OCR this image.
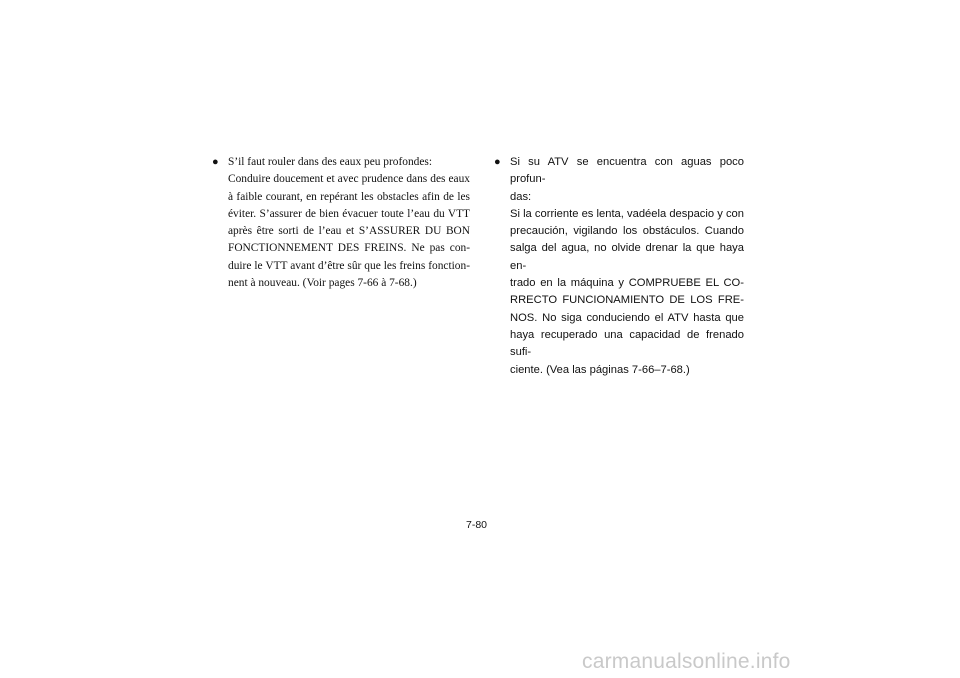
● S’il faut rouler dans des eaux peu profondes:
Conduire doucement et avec prudence dans des eaux
à faible courant, en repérant les obstacles afin de les
éviter. S’assurer de bien évacuer toute l’eau du VTT
après être sorti de l’eau et S’ASSURER DU BON
FONCTIONNEMENT DES FREINS. Ne pas con-
duire le VTT avant d’être sûr que les freins fonction-
nent à nouveau. (Voir pages 7-66 à 7-68.)
● Si su ATV se encuentra con aguas poco profun-
das:
Si la corriente es lenta, vadéela despacio y con
precaución, vigilando los obstáculos. Cuando
salga del agua, no olvide drenar la que haya en-
trado en la máquina y COMPRUEBE EL CO-
RRECTO FUNCIONAMIENTO DE LOS FRE-
NOS. No siga conduciendo el ATV hasta que
haya recuperado una capacidad de frenado sufi-
ciente. (Vea las páginas 7-66–7-68.)
7-80
carmanualsonline.info
